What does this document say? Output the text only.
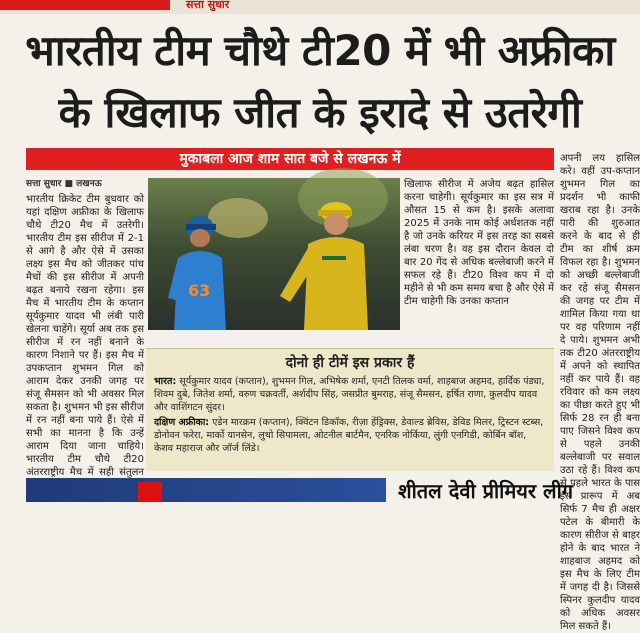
सत्ता सुधार
भारतीय टीम चौथे टी20 में भी अफ्रीका
के खिलाफ जीत के इरादे से उतरेगी
मुकाबला आज शाम सात बजे से लखनऊ में
सत्ता सुधार ■ लखनऊ

भारतीय क्रिकेट टीम बुधवार को यहां दक्षिण अफ्रीका के खिलाफ चौथे टी20 मैच में उतरेगी। भारतीय टीम इस सीरीज में 2-1 से आगे है और ऐसे में उसका लक्ष्य इस मैच को जीतकर पांच मैचों की इस सीरीज में अपनी बढ़त बनाये रखना रहेगा। इस मैच में भारतीय टीम के कप्तान सूर्यकुमार यादव भी लंबी पारी खेलना चाहेंगे। सूर्या अब तक इस सीरीज में रन नहीं बनाने के कारण निशाने पर हैं। इस मैच में उपकप्तान शुभमन गिल को आराम देकर उनकी जगह पर संजू सैमसन को भी अवसर मिल सकता है। शुभमन भी इस सीरीज में रन नहीं बना पाये हैं। ऐसे में सभी का मानना है कि उन्हें आराम दिया जाना चाहिये। भारतीय टीम चौथे टी20 अंतरराष्ट्रीय मैच में सही संतुलन

63

खिलाफ सीरीज में अजेय बढ़त हासिल करना चाहेगी। सूर्यकुमार का इस सत्र में औसत 15 से कम है। इसके अलावा 2025 में उनके नाम कोई अर्धशतक नहीं है जो उनके करियर में इस तरह का सबसे लंबा चरण है। वह इस दौरान केवल दो बार 20 गेंद से अधिक बल्लेबाजी करने में सफल रहे हैं। टी20 विश्व कप में दो महीने से भी कम समय बचा है और ऐसे में टीम चाहेगी कि उनका कप्तान

अपनी लय हासिल करे। वहीं उप-कप्तान शुभमन गिल का प्रदर्शन भी काफी खराब रहा है। उनके पारी की शुरुआत करने के बाद से ही टीम का शीर्ष क्रम विफल रहा है। शुभमन को अच्छी बल्लेबाजी कर रहे संजू सैमसन की जगह पर टीम में शामिल किया गया था पर वह परिणाम नहीं दे पाये। शुभमन अभी तक टी20 अंतरराष्ट्रीय में अपने को स्थापित नहीं कर पाये हैं। वह रविवार को कम लक्ष्य का पीछा करते हुए भी सिर्फ 28 रन ही बना पाए जिसने विश्व कप से पहले उनकी बल्लेबाजी पर सवाल उठा रहे हैं। विश्व कप से पहले भारत के पास इस प्रारूप में अब सिर्फ 7 मैच ही अक्षर पटेल के बीमारी के कारण सीरीज से बाहर होने के बाद भारत ने शाहबाज अहमद को इस मैच के लिए टीम में जगह दी है। जिससे स्पिनर कुलदीप यादव को अधिक अवसर मिल सकते हैं।

दोनो ही टीमें इस प्रकार हैं

भारत: सूर्यकुमार यादव (कप्तान), शुभमन गिल, अभिषेक शर्मा, एनटी तिलक वर्मा, शाहबाज अहमद, हार्दिक पंड्या, शिवम दुबे, जितेश शर्मा, वरुण चक्रवर्ती, अर्शदीप सिंह, जसप्रीत बुमराह, संजू सैमसन, हर्षित राणा, कुलदीप यादव और वाशिंगटन सुंदर।

दक्षिण अफ्रीका: एडेन मारक्रम (कप्तान), क्विंटन डिकॉक, रीज़ा हेंड्रिक्स, डेवाल्ड ब्रेविस, डेविड मिलर, ट्रिस्टन स्टब्स, डोनोवन फरेरा, मार्को यानसेन, लुथो सिपामला, ओटनील बार्टमैन, एनरिक नोर्किया, लुंगी एनगिडी, कोर्बिन बॉश, केशव महाराज और जॉर्ज लिंडे।

शीतल देवी प्रीमियर लीग
